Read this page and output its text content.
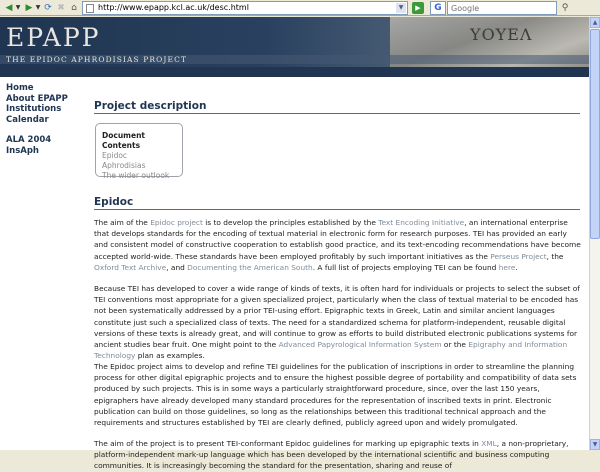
◀ ▼ ▶ ▼ ⟳ ✖ ⌂	http://www.epapp.kcl.ac.uk/desc.html	▼	▶	G
Google	⚲
ΥΟΥΕΛ
EPAPP
THE EPIDOC APHRODISIAS PROJECT
Home
About EPAPP
Institutions
Calendar
ALA 2004
InsAph
Project description
Document Contents
Epidoc
Aphrodisias
The wider outlook
Epidoc

The aim of the Epidoc project is to develop the principles established by the Text Encoding Initiative, an international enterprise that develops standards for the encoding of textual material in electronic form for research purposes. TEI has provided an early and consistent model of constructive cooperation to establish good practice, and its text-encoding recommendations have become accepted world-wide. These standards have been employed profitably by such important initiatives as the Perseus Project, the Oxford Text Archive, and Documenting the American South. A full list of projects employing TEI can be found here.

Because TEI has developed to cover a wide range of kinds of texts, it is often hard for individuals or projects to select the subset of TEI conventions most appropriate for a given specialized project, particularly when the class of textual material to be encoded has not been systematically addressed by a prior TEI-using effort. Epigraphic texts in Greek, Latin and similar ancient languages constitute just such a specialized class of texts. The need for a standardized schema for platform-independent, reusable digital versions of these texts is already great, and will continue to grow as efforts to build distributed electronic publications systems for ancient studies bear fruit. One might point to the Advanced Papyrological Information System or the Epigraphy and Information Technology plan as examples.

The Epidoc project aims to develop and refine TEI guidelines for the publication of inscriptions in order to streamline the planning process for other digital epigraphic projects and to ensure the highest possible degree of portability and compatibility of data sets produced by such projects. This is in some ways a particularly straightforward procedure, since, over the last 150 years, epigraphers have already developed many standard procedures for the representation of inscribed texts in print. Electronic publication can build on those guidelines, so long as the relationships between this traditional technical approach and the requirements and structures established by TEI are clearly defined, publicly agreed upon and widely promulgated.

The aim of the project is to present TEI-conformant Epidoc guidelines for marking up epigraphic texts in XML, a non-proprietary, platform-independent mark-up language which has been developed by the international scientific and business computing communities. It is increasingly becoming the standard for the presentation, sharing and reuse of

▲
▼
